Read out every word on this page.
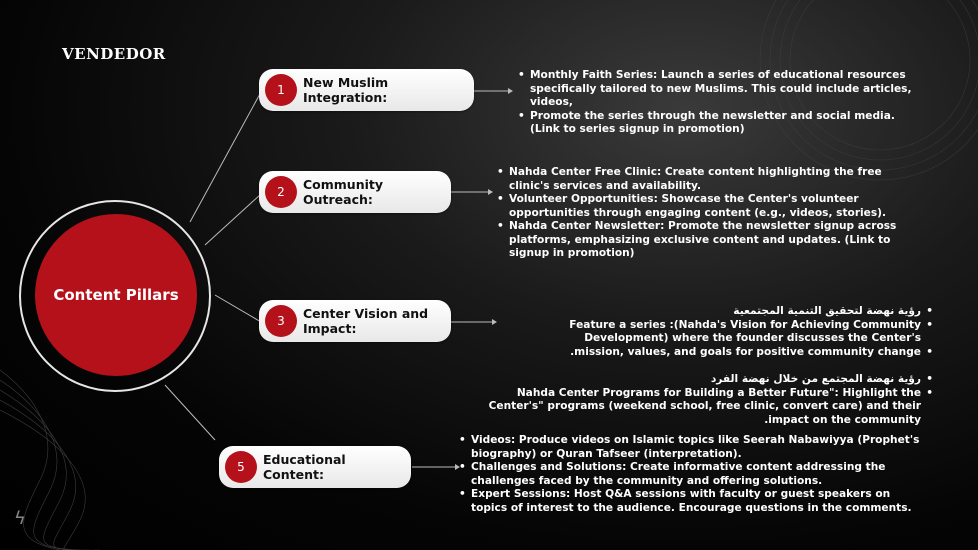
VENDEDOR
Content Pillars
1	New Muslim Integration:
2	Community Outreach:
3	Center Vision and Impact:
5	Educational Content:
• Monthly Faith Series: Launch a series of educational resources specifically tailored to new Muslims. This could include articles, videos,
• Promote the series through the newsletter and social media. (Link to series signup in promotion)
• Nahda Center Free Clinic: Create content highlighting the free clinic's services and availability.
• Volunteer Opportunities: Showcase the Center's volunteer opportunities through engaging content (e.g., videos, stories).
• Nahda Center Newsletter: Promote the newsletter signup across platforms, emphasizing exclusive content and updates. (Link to signup in promotion)
• رؤية نهضة لتحقيق التنمية المجتمعية
• Feature a series :(Nahda's Vision for Achieving Community Development) where the founder discusses the Center's
• mission, values, and goals for positive community change.
• رؤية نهضة المجتمع من خلال نهضة الفرد
• Nahda Center Programs for Building a Better Future": Highlight the Center's" programs (weekend school, free clinic, convert care) and their impact on the community.
• Videos: Produce videos on Islamic topics like Seerah Nabawiyya (Prophet's biography) or Quran Tafseer (interpretation).
• Challenges and Solutions: Create informative content addressing the challenges faced by the community and offering solutions.
• Expert Sessions: Host Q&A sessions with faculty or guest speakers on topics of interest to the audience. Encourage questions in the comments.
ϟ
